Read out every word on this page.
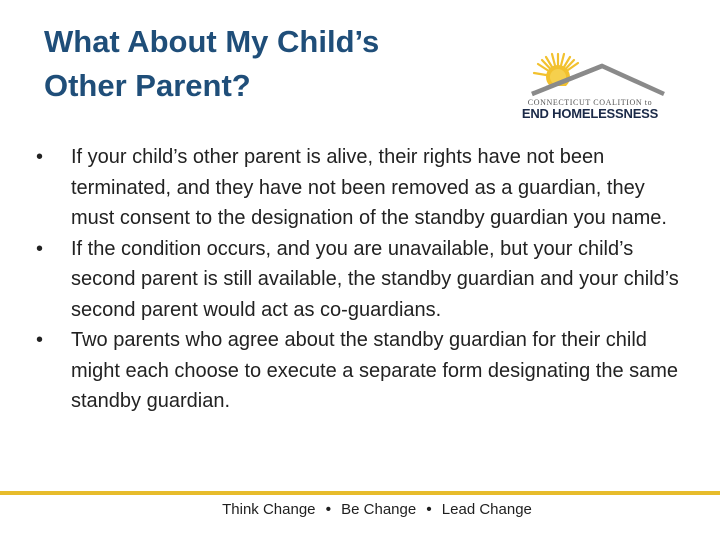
What About My Child’s
Other Parent?	CONNECTICUT COALITION to
END HOMELESSNESS
•	If your child’s other parent is alive, their rights have not been terminated, and they have not been removed as a guardian, they must consent to the designation of the standby guardian you name.
•	If the condition occurs, and you are unavailable, but your child’s second parent is still available, the standby guardian and your child’s second parent would act as co-guardians.
•	Two parents who agree about the standby guardian for their child might each choose to execute a separate form designating the same standby guardian.
Think Change • Be Change • Lead Change
